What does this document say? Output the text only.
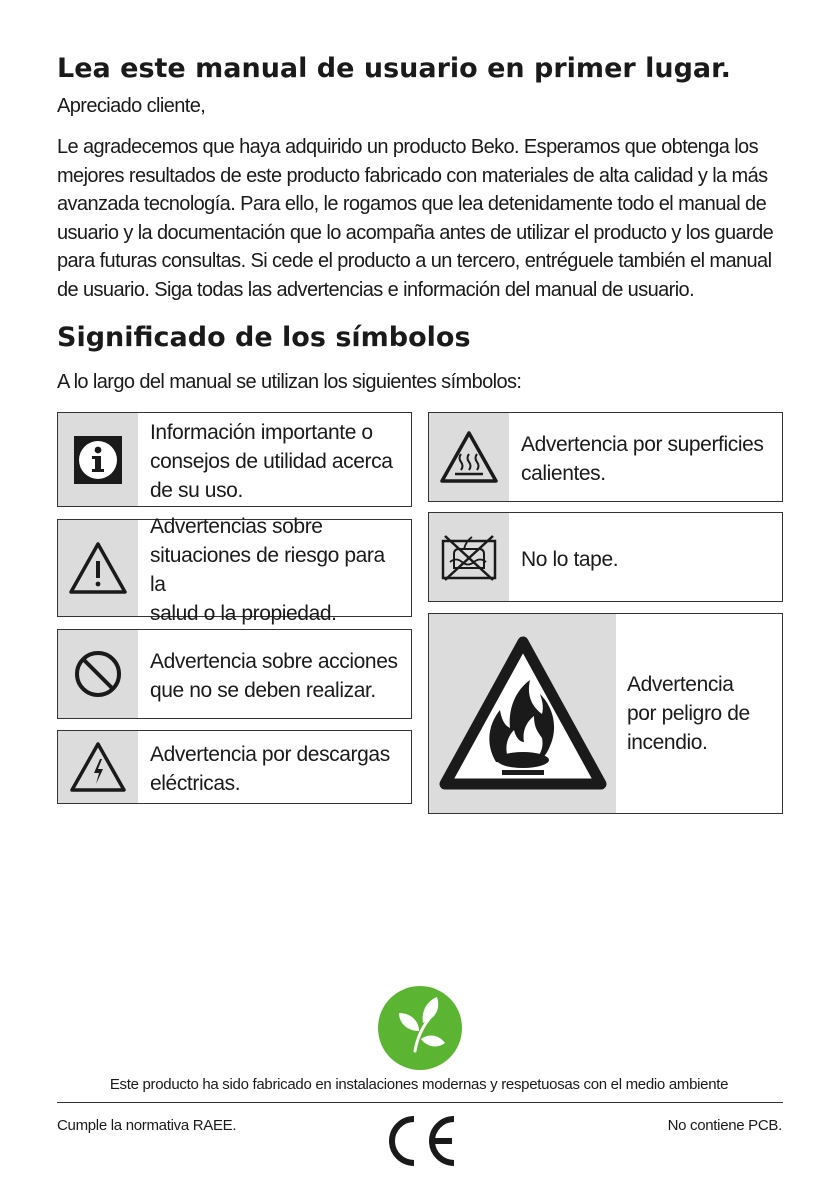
Lea este manual de usuario en primer lugar.

Apreciado cliente,

Le agradecemos que haya adquirido un producto Beko. Esperamos que obtenga los mejores resultados de este producto fabricado con materiales de alta calidad y la más avanzada tecnología. Para ello, le rogamos que lea detenidamente todo el manual de usuario y la documentación que lo acompaña antes de utilizar el producto y los guarde para futuras consultas. Si cede el producto a un tercero, entréguele también el manual de usuario. Siga todas las advertencias e información del manual de usuario.

Significado de los símbolos

A lo largo del manual se utilizan los siguientes símbolos:

Información importante o
consejos de utilidad acerca
de su uso.
Advertencias sobre
situaciones de riesgo para la
salud o la propiedad.
Advertencia sobre acciones
que no se deben realizar.
Advertencia por descargas
eléctricas.
Advertencia por superficies
calientes.
No lo tape.
Advertencia
por peligro de
incendio.
Este producto ha sido fabricado en instalaciones modernas y respetuosas con el medio ambiente
Cumple la normativa RAEE.	No contiene PCB.
